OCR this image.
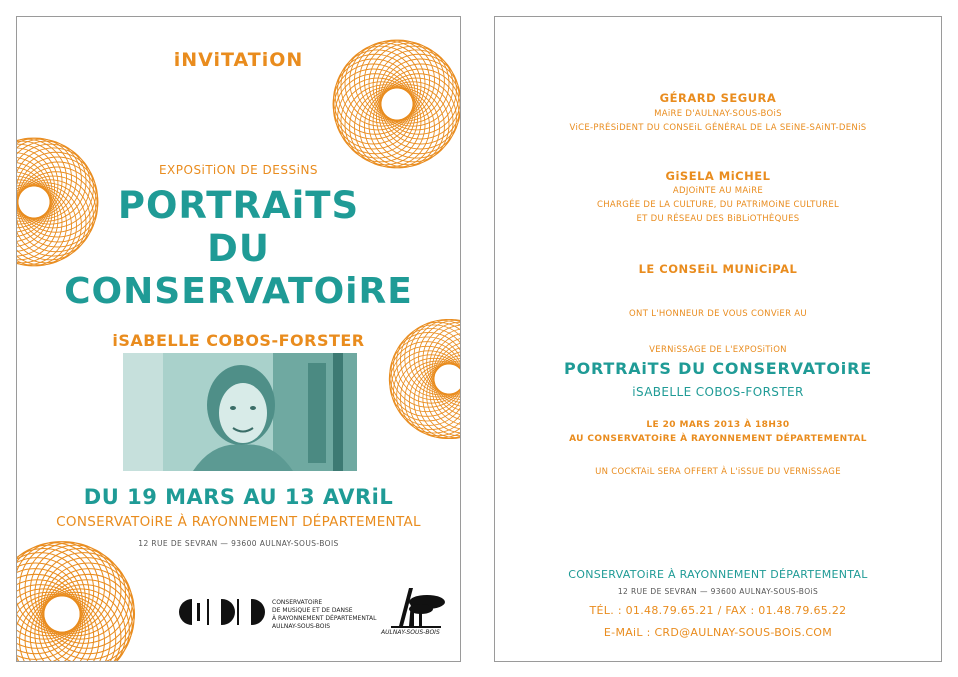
iNViTATiON

EXPOSiTiON DE DESSiNS

PORTRAiTS

DU

CONSERVATOiRE

iSABELLE COBOS-FORSTER

DU 19 MARS AU 13 AVRiL

CONSERVATOiRE À RAYONNEMENT DÉPARTEMENTAL

12 RUE DE SEVRAN — 93600 AULNAY-SOUS-BOIS

CONSERVATOiRE
DE MUSiQUE ET DE DANSE
À RAYONNEMENT DÉPARTEMENTAL
AULNAY-SOUS-BOIS
AULNAY-SOUS-BOIS

GÉRARD SEGURA

MAiRE D'AULNAY-SOUS-BOiS

ViCE-PRÉSiDENT DU CONSEiL GÉNÉRAL DE LA SEiNE-SAiNT-DENiS

GiSELA MiCHEL

ADJOiNTE AU MAiRE

CHARGÉE DE LA CULTURE, DU PATRiMOiNE CULTUREL

ET DU RÉSEAU DES BiBLiOTHÈQUES

LE CONSEiL MUNiCiPAL

ONT L'HONNEUR DE VOUS CONViER AU

VERNiSSAGE DE L'EXPOSiTiON

PORTRAiTS DU CONSERVATOiRE

iSABELLE COBOS-FORSTER

LE 20 MARS 2013 À 18H30

AU CONSERVATOiRE À RAYONNEMENT DÉPARTEMENTAL

UN COCKTAiL SERA OFFERT À L'iSSUE DU VERNiSSAGE

CONSERVATOiRE À RAYONNEMENT DÉPARTEMENTAL

12 RUE DE SEVRAN — 93600 AULNAY-SOUS-BOiS

TÉL. : 01.48.79.65.21 / FAX : 01.48.79.65.22

E-MAiL : CRD@AULNAY-SOUS-BOiS.COM
